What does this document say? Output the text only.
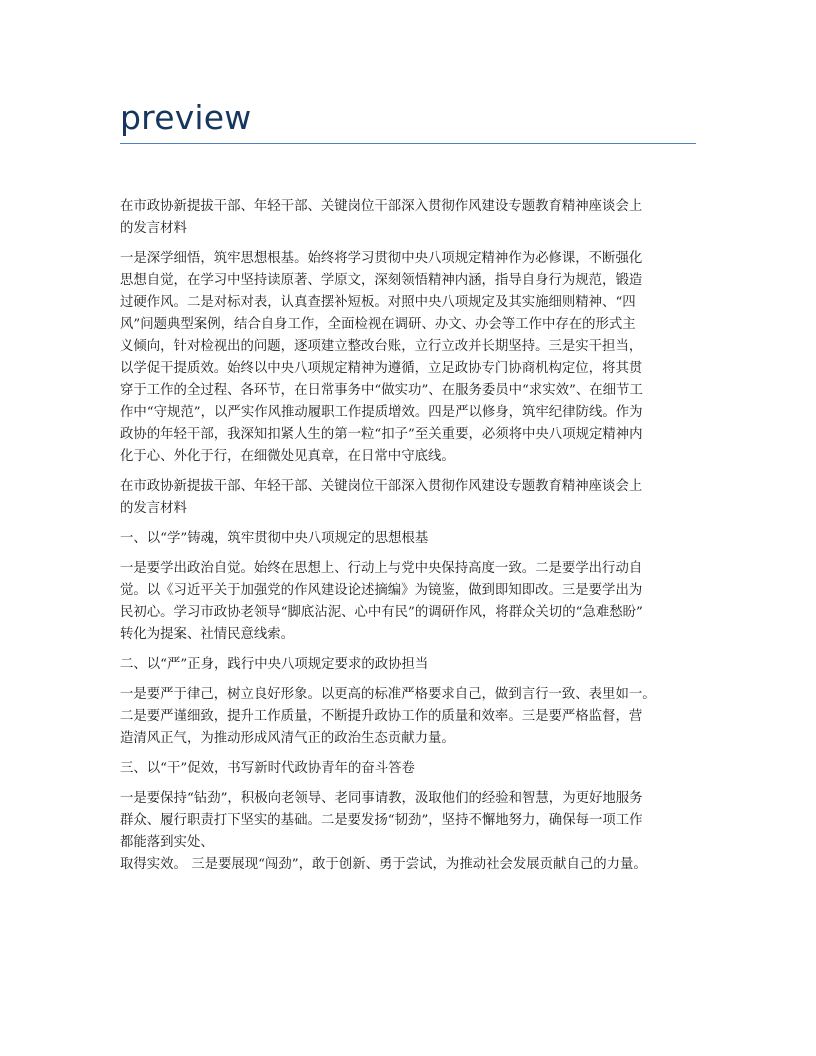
preview

在市政协新提拔干部、年轻干部、关键岗位干部深入贯彻作风建设专题教育精神座谈会上
的发言材料

一是深学细悟，筑牢思想根基。始终将学习贯彻中央八项规定精神作为必修课，不断强化
思想自觉，在学习中坚持读原著、学原文，深刻领悟精神内涵，指导自身行为规范，锻造
过硬作风。二是对标对表，认真查摆补短板。对照中央八项规定及其实施细则精神、“四
风”问题典型案例，结合自身工作，全面检视在调研、办文、办会等工作中存在的形式主
义倾向，针对检视出的问题，逐项建立整改台账，立行立改并长期坚持。三是实干担当，
以学促干提质效。始终以中央八项规定精神为遵循，立足政协专门协商机构定位，将其贯
穿于工作的全过程、各环节，在日常事务中“做实功”、在服务委员中“求实效”、在细节工
作中“守规范”，以严实作风推动履职工作提质增效。四是严以修身，筑牢纪律防线。作为
政协的年轻干部，我深知扣紧人生的第一粒“扣子”至关重要，必须将中央八项规定精神内
化于心、外化于行，在细微处见真章，在日常中守底线。

在市政协新提拔干部、年轻干部、关键岗位干部深入贯彻作风建设专题教育精神座谈会上
的发言材料

一、以“学”铸魂，筑牢贯彻中央八项规定的思想根基

一是要学出政治自觉。始终在思想上、行动上与党中央保持高度一致。二是要学出行动自
觉。以《习近平关于加强党的作风建设论述摘编》为镜鉴，做到即知即改。三是要学出为
民初心。学习市政协老领导“脚底沾泥、心中有民”的调研作风，将群众关切的“急难愁盼”
转化为提案、社情民意线索。

二、以“严”正身，践行中央八项规定要求的政协担当

一是要严于律己，树立良好形象。以更高的标准严格要求自己，做到言行一致、表里如一。
二是要严谨细致，提升工作质量，不断提升政协工作的质量和效率。三是要严格监督，营
造清风正气，为推动形成风清气正的政治生态贡献力量。

三、以“干”促效，书写新时代政协青年的奋斗答卷

一是要保持“钻劲”，积极向老领导、老同事请教，汲取他们的经验和智慧，为更好地服务
群众、履行职责打下坚实的基础。二是要发扬“韧劲”，坚持不懈地努力，确保每一项工作
都能落到实处、
取得实效。 三是要展现“闯劲”，敢于创新、勇于尝试，为推动社会发展贡献自己的力量。
